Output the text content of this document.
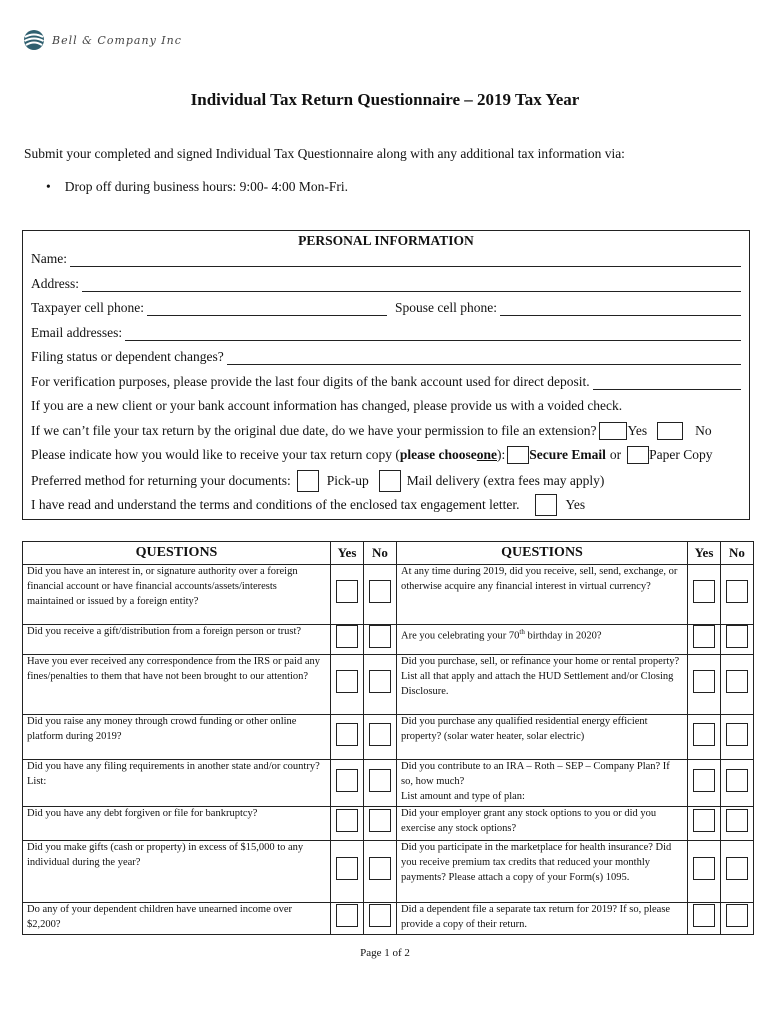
Bell & Company Inc
Individual Tax Return Questionnaire – 2019 Tax Year
Submit your completed and signed Individual Tax Questionnaire along with any additional tax information via:
• Drop off during business hours: 9:00- 4:00 Mon-Fri.
PERSONAL INFORMATION
Name:
Address:
Taxpayer cell phone:	Spouse cell phone:
Email addresses:
Filing status or dependent changes?
For verification purposes, please provide the last four digits of the bank account used for direct deposit.
If you are a new client or your bank account information has changed, please provide us with a voided check.
If we can’t file your tax return by the original due date, do we have your permission to file an extension? Yes	No
Please indicate how you would like to receive your tax return copy ( please choose one ): Secure Email or Paper Copy
Preferred method for returning your documents:	Pick-up	Mail delivery (extra fees may apply)
I have read and understand the terms and conditions of the enclosed tax engagement letter.	Yes
QUESTIONS	Yes	No	QUESTIONS	Yes	No
Did you have an interest in, or signature authority over a foreign financial account or have financial accounts/assets/interests maintained or issued by a foreign entity?			At any time during 2019, did you receive, sell, send, exchange, or otherwise acquire any financial interest in virtual currency?		
Did you receive a gift/distribution from a foreign person or trust?			Are you celebrating your 70th birthday in 2020?		
Have you ever received any correspondence from the IRS or paid any fines/penalties to them that have not been brought to our attention?			Did you purchase, sell, or refinance your home or rental property?
List all that apply and attach the HUD Settlement and/or Closing Disclosure.		

Did you raise any money through crowd funding or other online platform during 2019?			Did you purchase any qualified residential energy efficient property? (solar water heater, solar electric)		
Did you have any filing requirements in another state and/or country? List:			Did you contribute to an IRA – Roth – SEP – Company Plan? If so, how much?
List amount and type of plan:		

Did you have any debt forgiven or file for bankruptcy?			Did your employer grant any stock options to you or did you exercise any stock options?		
Did you make gifts (cash or property) in excess of $15,000 to any individual during the year?			Did you participate in the marketplace for health insurance? Did you receive premium tax credits that reduced your monthly payments? Please attach a copy of your Form(s) 1095.		
Do any of your dependent children have unearned income over $2,200?			Did a dependent file a separate tax return for 2019? If so, please provide a copy of their return.		
Page 1 of 2
